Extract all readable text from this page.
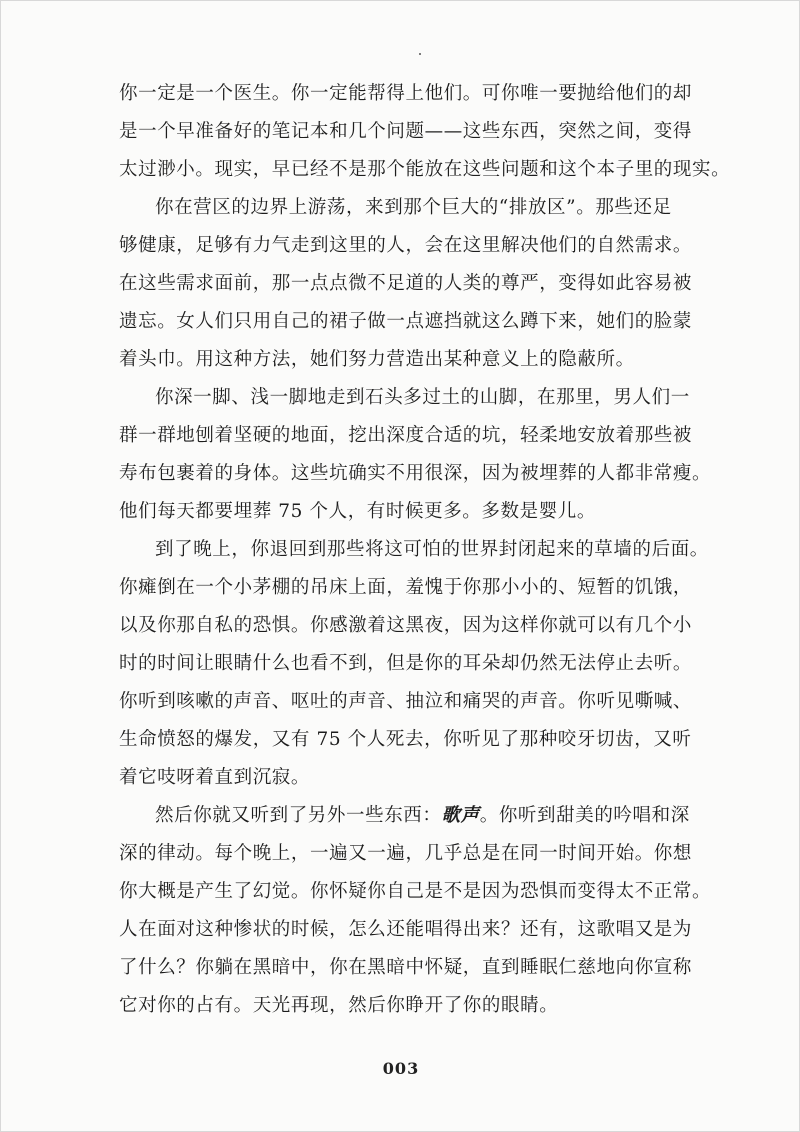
你一定是一个医生。你一定能帮得上他们。可你唯一要抛给他们的却
是一个早准备好的笔记本和几个问题——这些东西，突然之间，变得
太过渺小。现实，早已经不是那个能放在这些问题和这个本子里的现实。
你在营区的边界上游荡，来到那个巨大的“排放区”。那些还足
够健康，足够有力气走到这里的人，会在这里解决他们的自然需求。
在这些需求面前，那一点点微不足道的人类的尊严，变得如此容易被
遗忘。女人们只用自己的裙子做一点遮挡就这么蹲下来，她们的脸蒙
着头巾。用这种方法，她们努力营造出某种意义上的隐蔽所。
你深一脚、浅一脚地走到石头多过土的山脚，在那里，男人们一
群一群地刨着坚硬的地面，挖出深度合适的坑，轻柔地安放着那些被
寿布包裹着的身体。这些坑确实不用很深，因为被埋葬的人都非常瘦。
他们每天都要埋葬 75 个人，有时候更多。多数是婴儿。
到了晚上，你退回到那些将这可怕的世界封闭起来的草墙的后面。
你瘫倒在一个小茅棚的吊床上面，羞愧于你那小小的、短暂的饥饿，
以及你那自私的恐惧。你感激着这黑夜，因为这样你就可以有几个小
时的时间让眼睛什么也看不到，但是你的耳朵却仍然无法停止去听。
你听到咳嗽的声音、呕吐的声音、抽泣和痛哭的声音。你听见嘶喊、
生命愤怒的爆发，又有 75 个人死去，你听见了那种咬牙切齿，又听
着它吱呀着直到沉寂。
然后你就又听到了另外一些东西：歌声。你听到甜美的吟唱和深
深的律动。每个晚上，一遍又一遍，几乎总是在同一时间开始。你想
你大概是产生了幻觉。你怀疑你自己是不是因为恐惧而变得太不正常。
人在面对这种惨状的时候，怎么还能唱得出来？还有，这歌唱又是为
了什么？你躺在黑暗中，你在黑暗中怀疑，直到睡眠仁慈地向你宣称
它对你的占有。天光再现，然后你睁开了你的眼睛。
003
